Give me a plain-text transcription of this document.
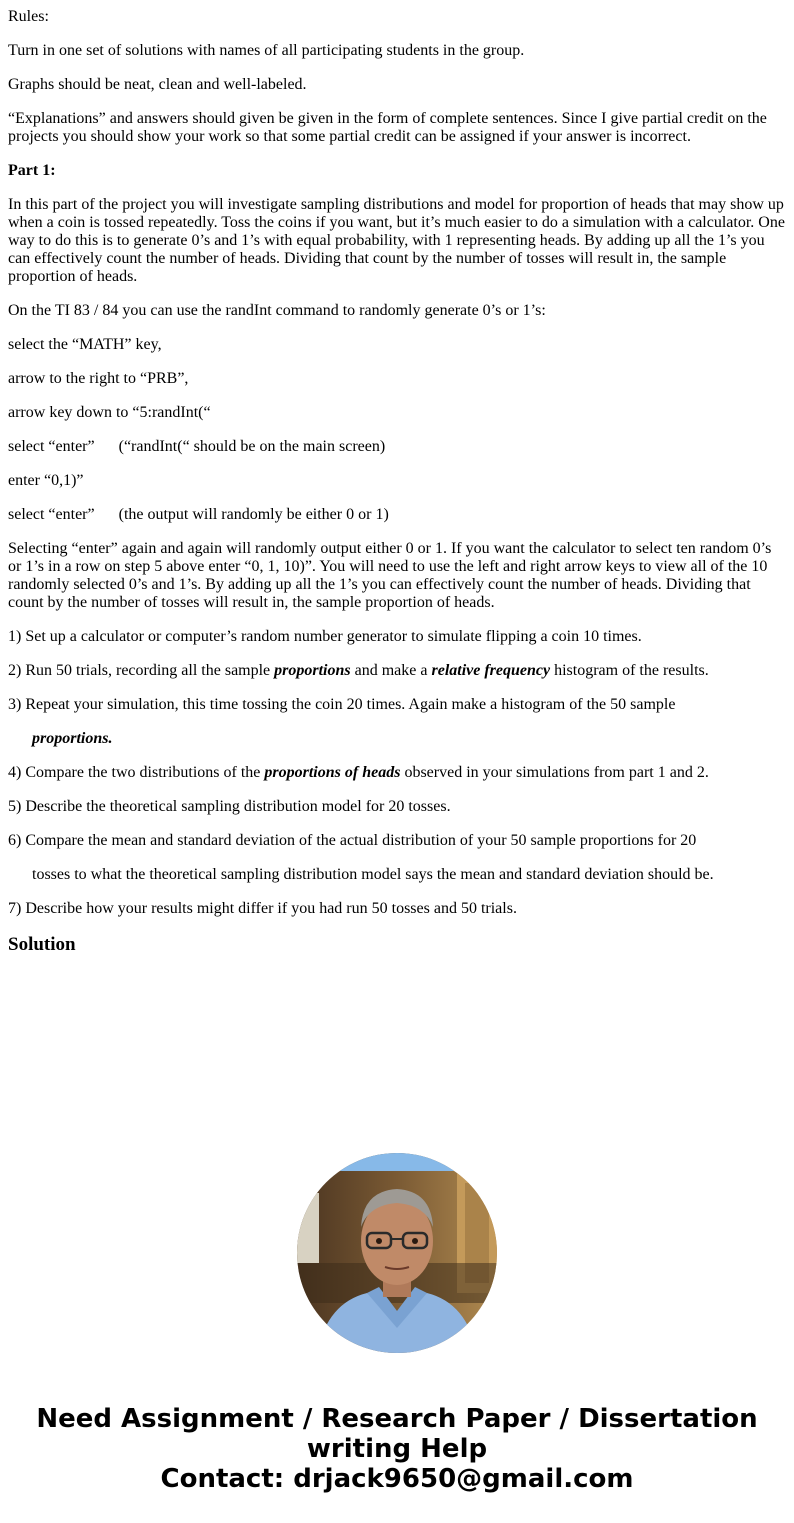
Rules:

Turn in one set of solutions with names of all participating students in the group.

Graphs should be neat, clean and well-labeled.

“Explanations” and answers should given be given in the form of complete sentences. Since I give partial credit on the projects you should show your work so that some partial credit can be assigned if your answer is incorrect.

Part 1:

In this part of the project you will investigate sampling distributions and model for proportion of heads that may show up when a coin is tossed repeatedly. Toss the coins if you want, but it’s much easier to do a simulation with a calculator. One way to do this is to generate 0’s and 1’s with equal probability, with 1 representing heads. By adding up all the 1’s you can effectively count the number of heads. Dividing that count by the number of tosses will result in, the sample proportion of heads.

On the TI 83 / 84 you can use the randInt command to randomly generate 0’s or 1’s:

select the “MATH” key,

arrow to the right to “PRB”,

arrow key down to “5:randInt(“

select “enter” (“randInt(“ should be on the main screen)

enter “0,1)”

select “enter” (the output will randomly be either 0 or 1)

Selecting “enter” again and again will randomly output either 0 or 1. If you want the calculator to select ten random 0’s or 1’s in a row on step 5 above enter “0, 1, 10)”. You will need to use the left and right arrow keys to view all of the 10 randomly selected 0’s and 1’s. By adding up all the 1’s you can effectively count the number of heads. Dividing that count by the number of tosses will result in, the sample proportion of heads.

1) Set up a calculator or computer’s random number generator to simulate flipping a coin 10 times.

2) Run 50 trials, recording all the sample proportions and make a relative frequency histogram of the results.

3) Repeat your simulation, this time tossing the coin 20 times. Again make a histogram of the 50 sample

proportions.

4) Compare the two distributions of the proportions of heads observed in your simulations from part 1 and 2.

5) Describe the theoretical sampling distribution model for 20 tosses.

6) Compare the mean and standard deviation of the actual distribution of your 50 sample proportions for 20

tosses to what the theoretical sampling distribution model says the mean and standard deviation should be.

7) Describe how your results might differ if you had run 50 tosses and 50 trials.

Solution
Need Assignment / Research Paper / Dissertation
writing Help
Contact: drjack9650@gmail.com
